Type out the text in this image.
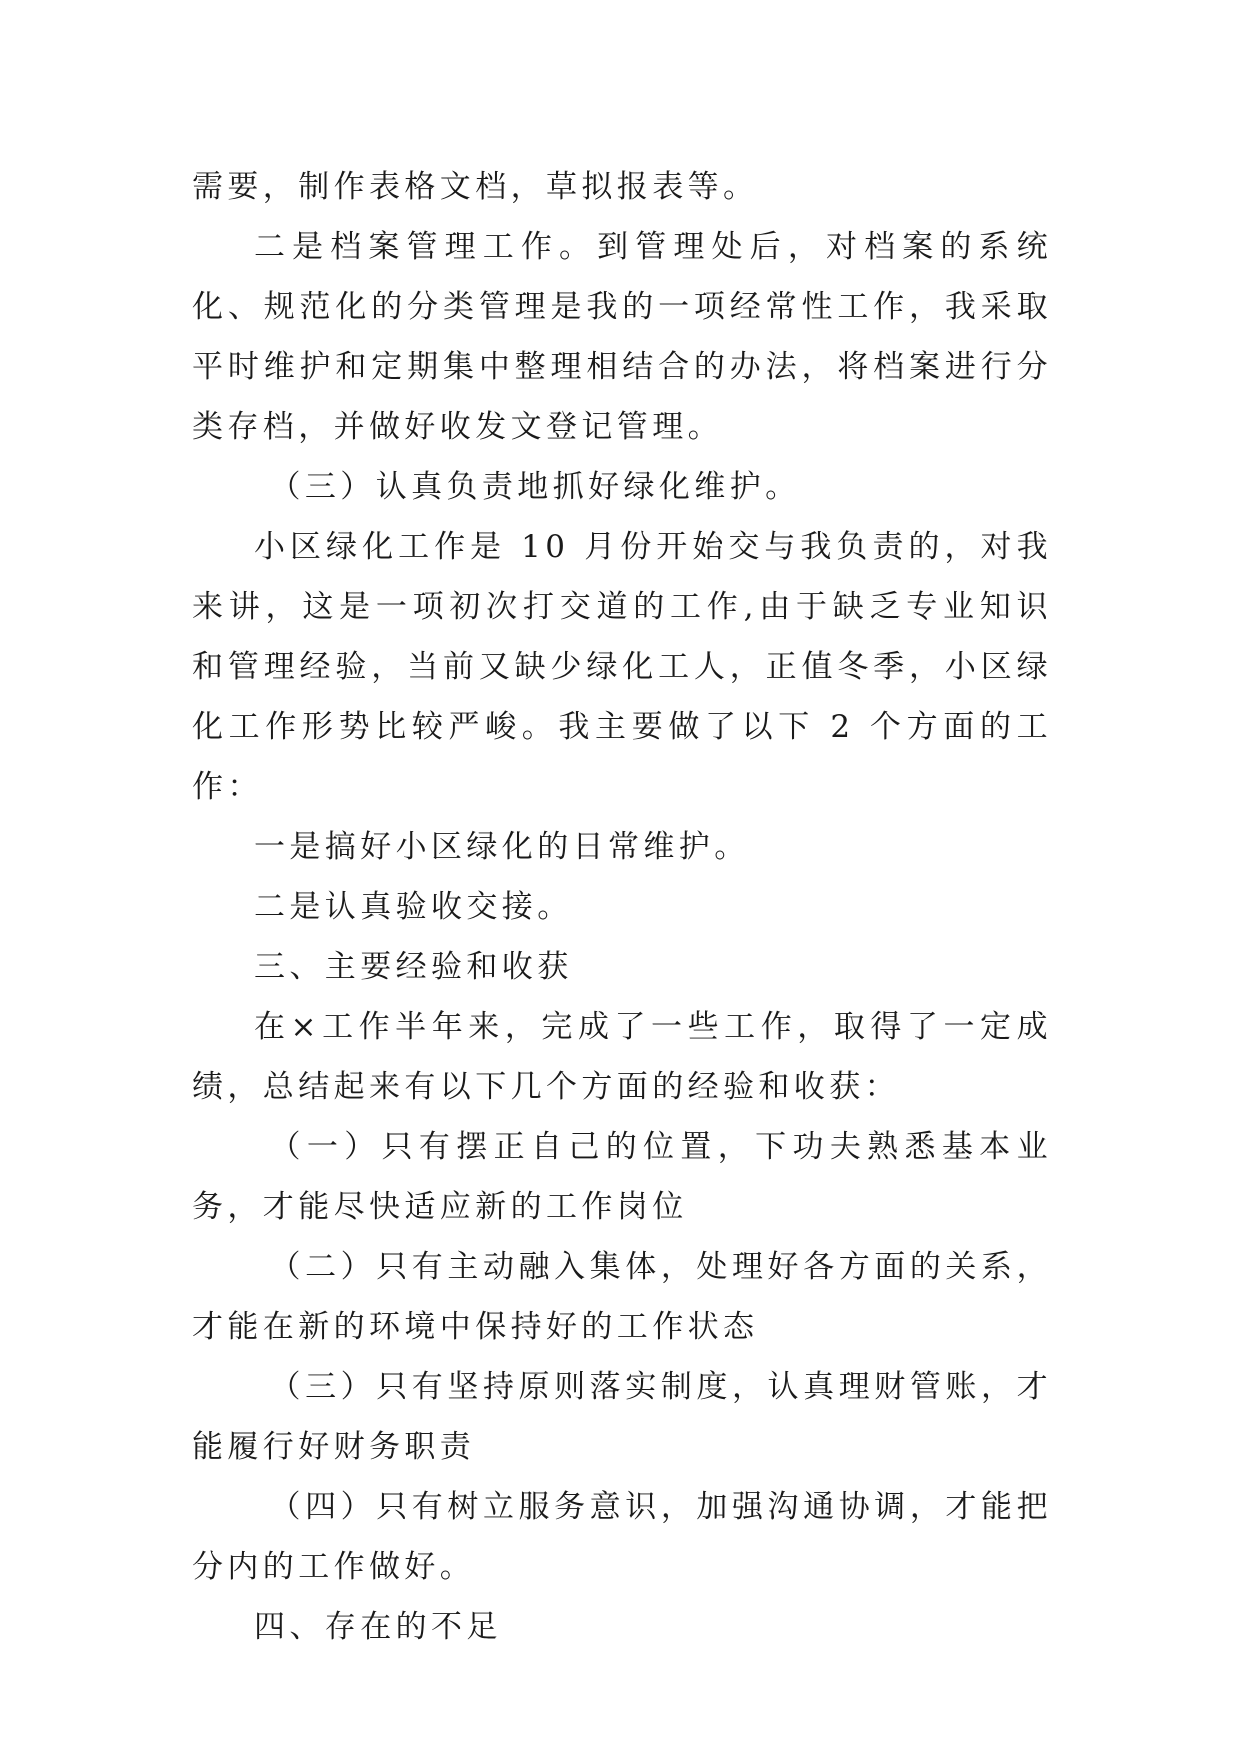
需要，制作表格文档，草拟报表等。

二是档案管理工作。到管理处后，对档案的系统化、规范化的分类管理是我的一项经常性工作，我采取平时维护和定期集中整理相结合的办法，将档案进行分类存档，并做好收发文登记管理。

（三）认真负责地抓好绿化维护。

小区绿化工作是 10 月份开始交与我负责的，对我来讲，这是一项初次打交道的工作,由于缺乏专业知识和管理经验，当前又缺少绿化工人，正值冬季，小区绿化工作形势比较严峻。我主要做了以下 2 个方面的工作：

一是搞好小区绿化的日常维护。

二是认真验收交接。

三、主要经验和收获

在×工作半年来，完成了一些工作，取得了一定成绩，总结起来有以下几个方面的经验和收获：

（一）只有摆正自己的位置，下功夫熟悉基本业务，才能尽快适应新的工作岗位

（二）只有主动融入集体，处理好各方面的关系，才能在新的环境中保持好的工作状态

（三）只有坚持原则落实制度，认真理财管账，才能履行好财务职责

（四）只有树立服务意识，加强沟通协调，才能把分内的工作做好。

四、存在的不足
